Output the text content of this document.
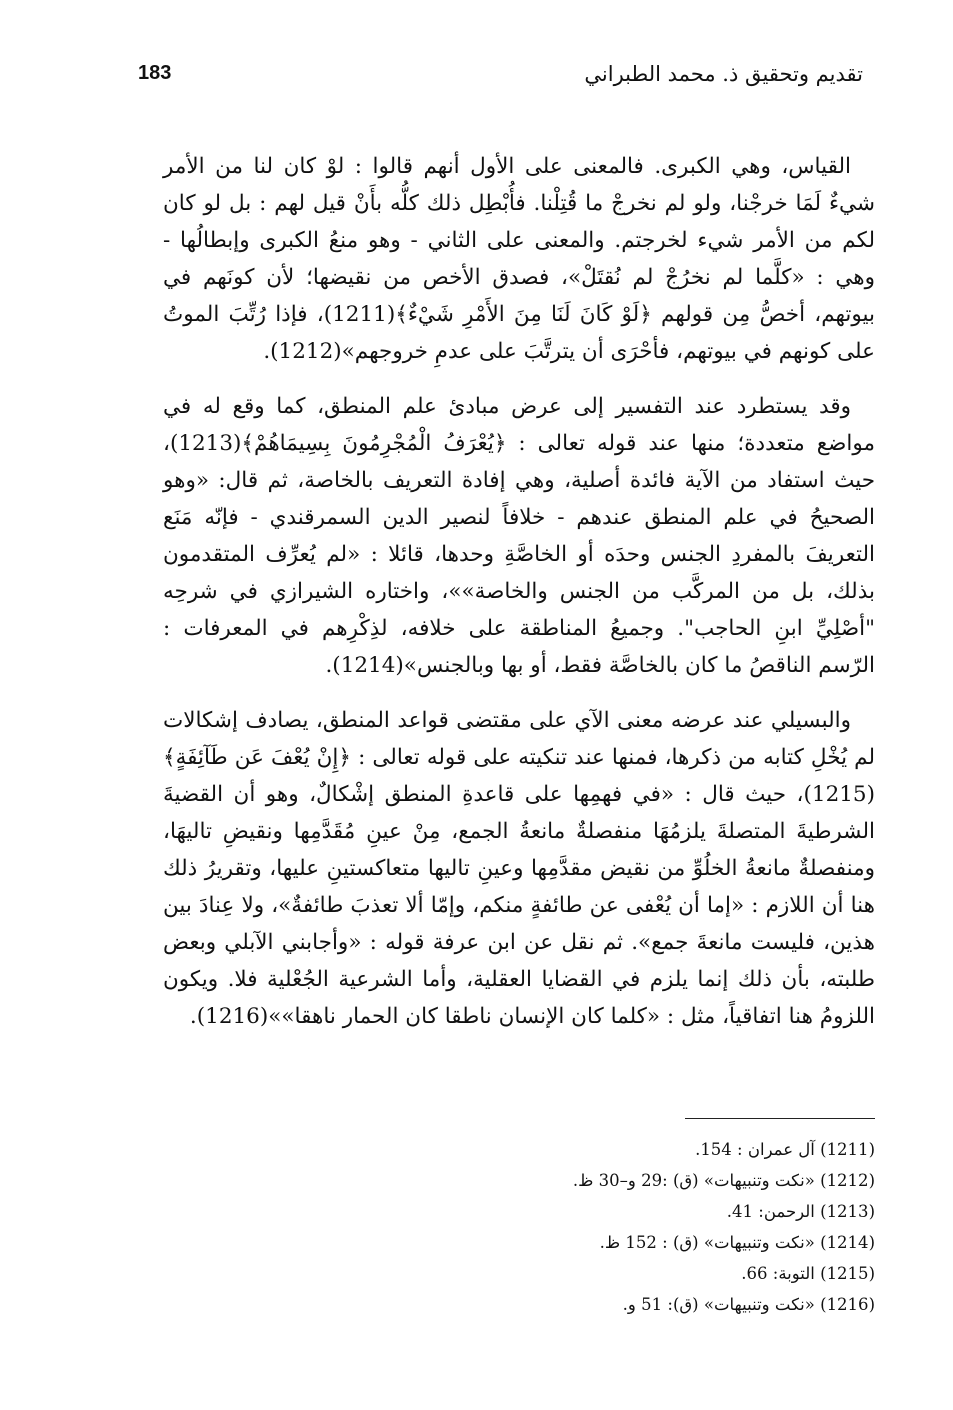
183	تقديم وتحقيق ذ. محمد الطبراني

القياس، وهي الكبرى. فالمعنى على الأول أنهم قالوا : لوْ كان لنا من الأمر شيءٌ لَمَا خرجْنا، ولو لم نخرجْ ما قُتِلْنا. فأُبْطِل ذلك كلُّه بأَنْ قيل لهم : بل لو كان لكم من الأمر شيء لخرجتم. والمعنى على الثاني - وهو منعُ الكبرى وإبطالُها - وهي : «كلَّما لم نخرُجْ لم نُقتَلْ»، فصدق الأخص من نقيضها؛ لأن كونَهم في بيوتهم، أخصُّ مِن قولهم ﴿لَوْ كَانَ لَنَا مِنَ الأَمْرِ شَيْءٌ﴾(1211)، فإذا رُتِّبَ الموتُ على كونهم في بيوتهم، فأحْرَى أن يترتَّبَ على عدمِ خروجهم»(1212).

وقد يستطرد عند التفسير إلى عرض مبادئ علم المنطق، كما وقع له في مواضع متعددة؛ منها عند قوله تعالى : ﴿يُعْرَفُ الْمُجْرِمُونَ بِسِيمَاهُمْ﴾(1213)، حيث استفاد من الآية فائدة أصلية، وهي إفادة التعريف بالخاصة، ثم قال: «وهو الصحيحُ في علم المنطق عندهم - خلافاً لنصير الدين السمرقندي - فإنّه مَنَع التعريفَ بالمفردِ الجنس وحدَه أو الخاصَّةِ وحدها، قائلا : «لم يُعرِّف المتقدمون بذلك، بل من المركَّب من الجنس والخاصة»»، واختاره الشيرازي في شرحِه "أصْلِيِّ ابنِ الحاجب". وجميعُ المناطقة على خلافه، لذِكْرِهم في المعرفات : الرّسم الناقصُ ما كان بالخاصَّة فقط، أو بها وبالجنس»(1214).

والبسيلي عند عرضه معنى الآي على مقتضى قواعد المنطق، يصادف إشكالات لم يُخْلِ كتابه من ذكرها، فمنها عند تنكيته على قوله تعالى : ﴿إِنْ يُعْفَ عَن طَآئِفَةٍ﴾(1215)، حيث قال : «في فهمِها على قاعدةِ المنطق إشْكالٌ، وهو أن القضيةَ الشرطيةَ المتصلةَ يلزمُهَا منفصلةٌ مانعةُ الجمع، مِنْ عينِ مُقَدَّمِها ونقيضِ تاليهَا، ومنفصلةٌ مانعةُ الخلُوِّ من نقيض مقدَّمِها وعينِ تاليها متعاكستينِ عليها، وتقريرُ ذلك هنا أن اللازم : «إما أن يُعْفى عن طائفةٍ منكم، وإمّا ألا تعذبَ طائفةٌ»، ولا عِنادَ بين هذين، فليست مانعةَ جمع». ثم نقل عن ابن عرفة قوله : «وأجابني الآبلي وبعض طلبته، بأن ذلك إنما يلزم في القضايا العقلية، وأما الشرعية الجُعْلية فلا. ويكون اللزومُ هنا اتفاقياً، مثل : «كلما كان الإنسان ناطقا كان الحمار ناهقا»»(1216).

(1211) آل عمران : 154.
(1212) «نكت وتنبيهات» (ق) :29 و–30 ظ.
(1213) الرحمن: 41.
(1214) «نكت وتنبيهات» (ق) : 152 ظ.
(1215) التوبة: 66.
(1216) «نكت وتنبيهات» (ق): 51 و.
